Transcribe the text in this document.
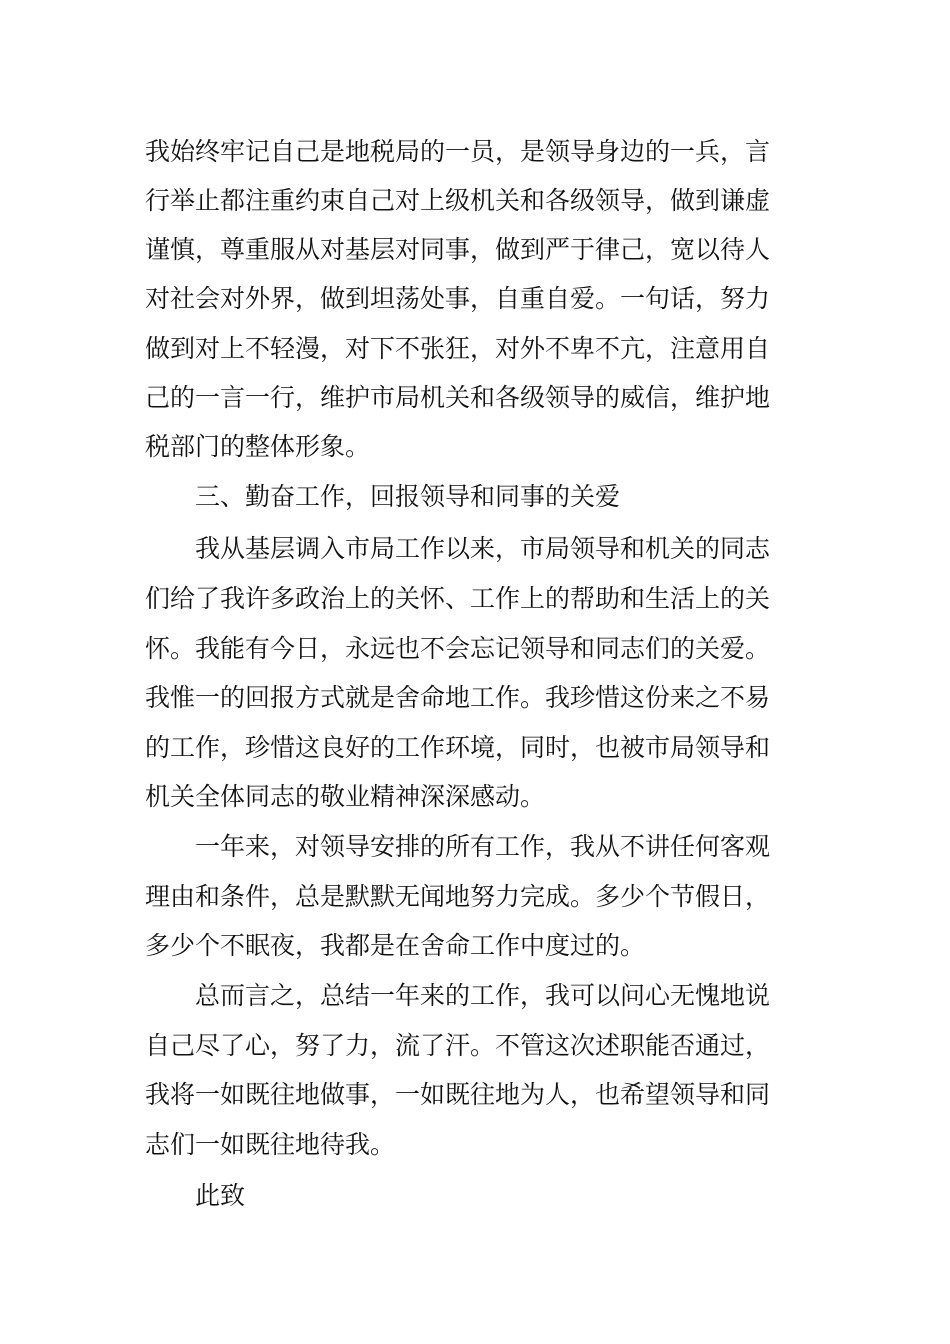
我始终牢记自己是地税局的一员，是领导身边的一兵，言
行举止都注重约束自己对上级机关和各级领导，做到谦虚
谨慎，尊重服从对基层对同事，做到严于律己，宽以待人
对社会对外界，做到坦荡处事，自重自爱。一句话，努力
做到对上不轻漫，对下不张狂，对外不卑不亢，注意用自
己的一言一行，维护市局机关和各级领导的威信，维护地
税部门的整体形象。
三、勤奋工作，回报领导和同事的关爱
我从基层调入市局工作以来，市局领导和机关的同志
们给了我许多政治上的关怀、工作上的帮助和生活上的关
怀。我能有今日，永远也不会忘记领导和同志们的关爱。
我惟一的回报方式就是舍命地工作。我珍惜这份来之不易
的工作，珍惜这良好的工作环境，同时，也被市局领导和
机关全体同志的敬业精神深深感动。
一年来，对领导安排的所有工作，我从不讲任何客观
理由和条件，总是默默无闻地努力完成。多少个节假日，
多少个不眠夜，我都是在舍命工作中度过的。
总而言之，总结一年来的工作，我可以问心无愧地说
自己尽了心，努了力，流了汗。不管这次述职能否通过，
我将一如既往地做事，一如既往地为人，也希望领导和同
志们一如既往地待我。
此致
